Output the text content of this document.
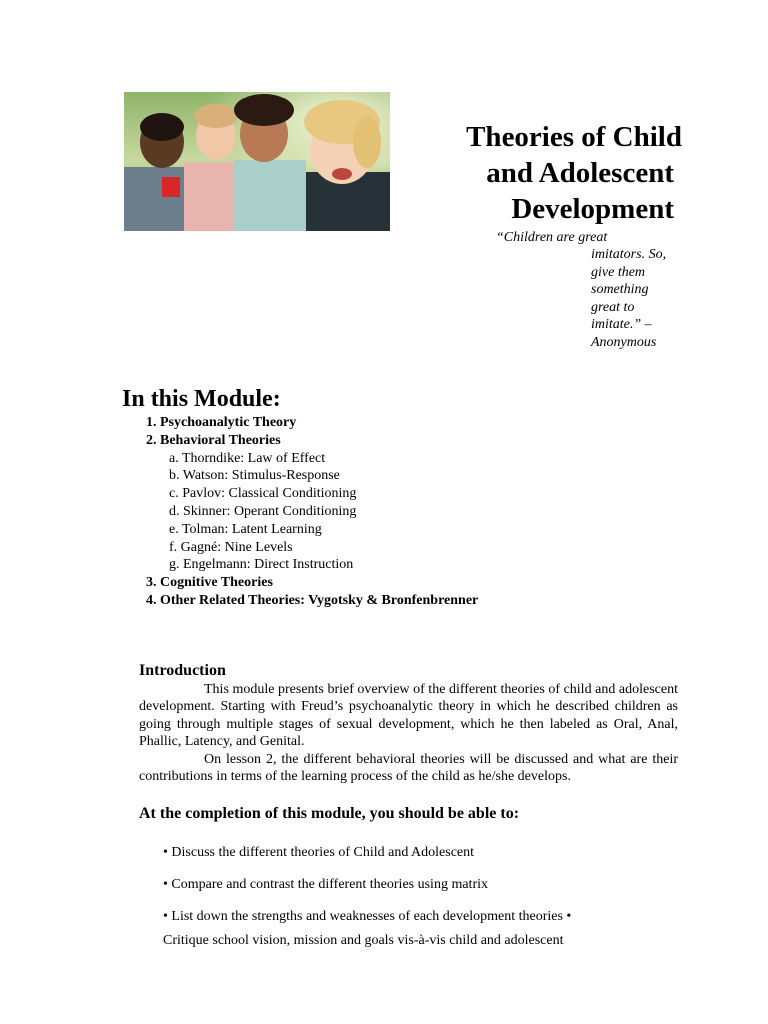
Theories of Child
and Adolescent
Development
“Children are great
imitators. So,
give them
something
great to
imitate.” –
Anonymous
In this Module:
1. Psychoanalytic Theory
2. Behavioral Theories
a. Thorndike: Law of Effect
b. Watson: Stimulus-Response
c. Pavlov: Classical Conditioning
d. Skinner: Operant Conditioning
e. Tolman: Latent Learning
f. Gagné: Nine Levels
g. Engelmann: Direct Instruction
3. Cognitive Theories
4. Other Related Theories: Vygotsky & Bronfenbrenner
Introduction

This module presents brief overview of the different theories of child and adolescent development. Starting with Freud’s psychoanalytic theory in which he described children as going through multiple stages of sexual development, which he then labeled as Oral, Anal, Phallic, Latency, and Genital.

On lesson 2, the different behavioral theories will be discussed and what are their contributions in terms of the learning process of the child as he/she develops.

At the completion of this module, you should be able to:
• Discuss the different theories of Child and Adolescent
• Compare and contrast the different theories using matrix
• List down the strengths and weaknesses of each development theories •
Critique school vision, mission and goals vis-à-vis child and adolescent
